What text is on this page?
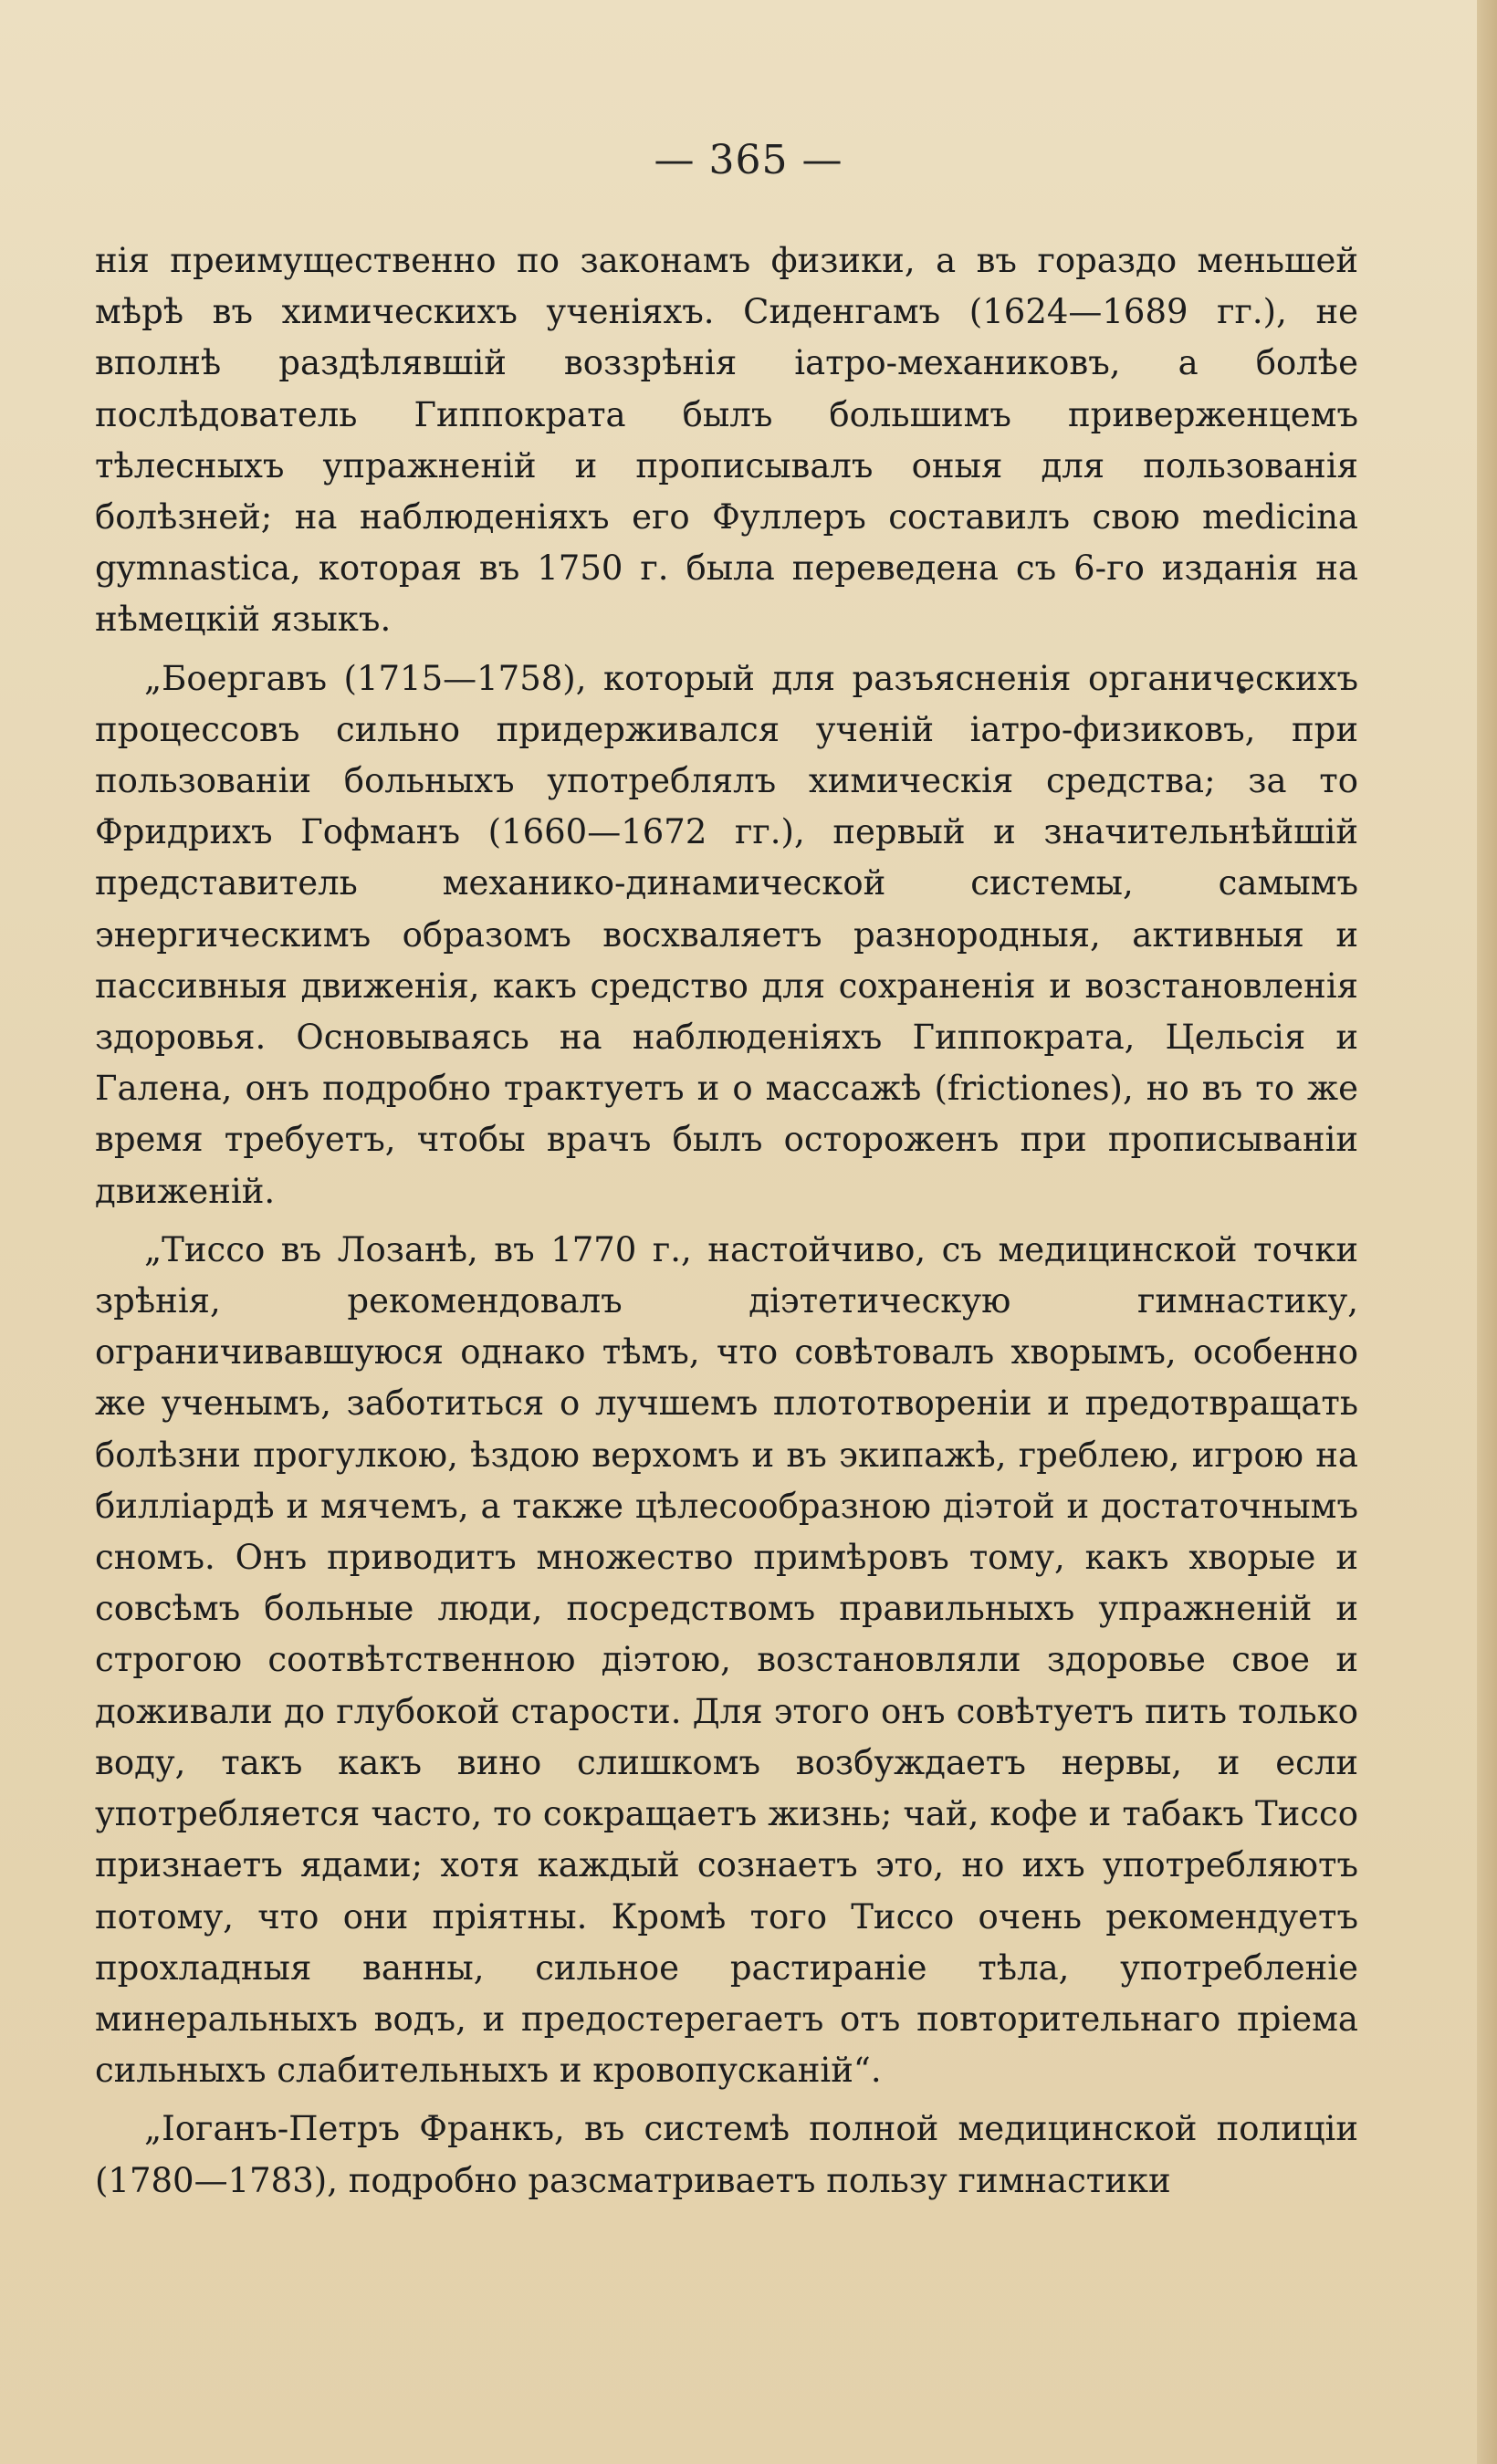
— 365 —

нія преимущественно по законамъ физики, а въ гораздо меньшей мѣрѣ въ химическихъ ученіяхъ. Сиденгамъ (1624—1689 гг.), не вполнѣ раздѣлявшій воззрѣнія іатро-механиковъ, а болѣе послѣдователь Гиппократа былъ большимъ приверженцемъ тѣлесныхъ упражненій и прописывалъ оныя для пользованія болѣзней; на наблюденіяхъ его Фуллеръ составилъ свою medicina gymnastica, которая въ 1750 г. была переведена съ 6-го изданія на нѣмецкій языкъ.

„Боергавъ (1715—1758), который для разъясненія органическихъ процессовъ сильно придерживался ученій іатро-физиковъ, при пользованіи больныхъ употреблялъ химическія средства; за то Фридрихъ Гофманъ (1660—1672 гг.), первый и значительнѣйшій представитель механико-динамической системы, самымъ энергическимъ образомъ восхваляетъ разнородныя, активныя и пассивныя движенія, какъ средство для сохраненія и возстановленія здоровья. Основываясь на наблюденіяхъ Гиппократа, Цельсія и Галена, онъ подробно трактуетъ и о массажѣ (frictiones), но въ то же время требуетъ, чтобы врачъ былъ остороженъ при прописываніи движеній.

„Тиссо въ Лозанѣ, въ 1770 г., настойчиво, съ медицинской точки зрѣнія, рекомендовалъ діэтетическую гимнастику, ограничивавшуюся однако тѣмъ, что совѣтовалъ хворымъ, особенно же ученымъ, заботиться о лучшемъ плототвореніи и предотвращать болѣзни прогулкою, ѣздою верхомъ и въ экипажѣ, греблею, игрою на билліардѣ и мячемъ, а также цѣлесообразною діэтой и достаточнымъ сномъ. Онъ приводитъ множество примѣровъ тому, какъ хворые и совсѣмъ больные люди, посредствомъ правильныхъ упражненій и строгою соотвѣтственною діэтою, возстановляли здоровье свое и доживали до глубокой старости. Для этого онъ совѣтуетъ пить только воду, такъ какъ вино слишкомъ возбуждаетъ нервы, и если употребляется часто, то сокращаетъ жизнь; чай, кофе и табакъ Тиссо признаетъ ядами; хотя каждый сознаетъ это, но ихъ употребляютъ потому, что они пріятны. Кромѣ того Тиссо очень рекомендуетъ прохладныя ванны, сильное растираніе тѣла, употребленіе минеральныхъ водъ, и предостерегаетъ отъ повторительнаго пріема сильныхъ слабительныхъ и кровопусканій“.

„Іоганъ-Петръ Франкъ, въ системѣ полной медицинской полиціи (1780—1783), подробно разсматриваетъ пользу гимнастики
